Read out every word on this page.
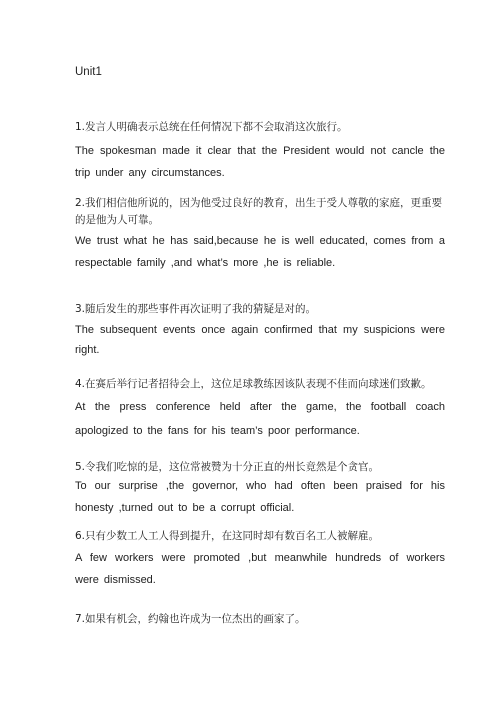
Unit1
1.发言人明确表示总统在任何情况下都不会取消这次旅行。
The spokesman made it clear that the President would not cancle the trip under any circumstances.
2.我们相信他所说的，因为他受过良好的教育，出生于受人尊敬的家庭，更重要
的是他为人可靠。
We trust what he has said,because he is well educated, comes from a respectable family ,and what’s more ,he is reliable.
3.随后发生的那些事件再次证明了我的猜疑是对的。
The subsequent events once again confirmed that my suspicions were right.
4.在赛后举行记者招待会上，这位足球教练因该队表现不佳而向球迷们致歉。
At the press conference held after the game, the football coach apologized to the fans for his team’s poor performance.
5.令我们吃惊的是，这位常被赞为十分正直的州长竟然是个贪官。
To our surprise ,the governor, who had often been praised for his honesty ,turned out to be a corrupt official.
6.只有少数工人工人得到提升，在这同时却有数百名工人被解雇。
A few workers were promoted ,but meanwhile hundreds of workers were dismissed.
7.如果有机会，约翰也许成为一位杰出的画家了。
